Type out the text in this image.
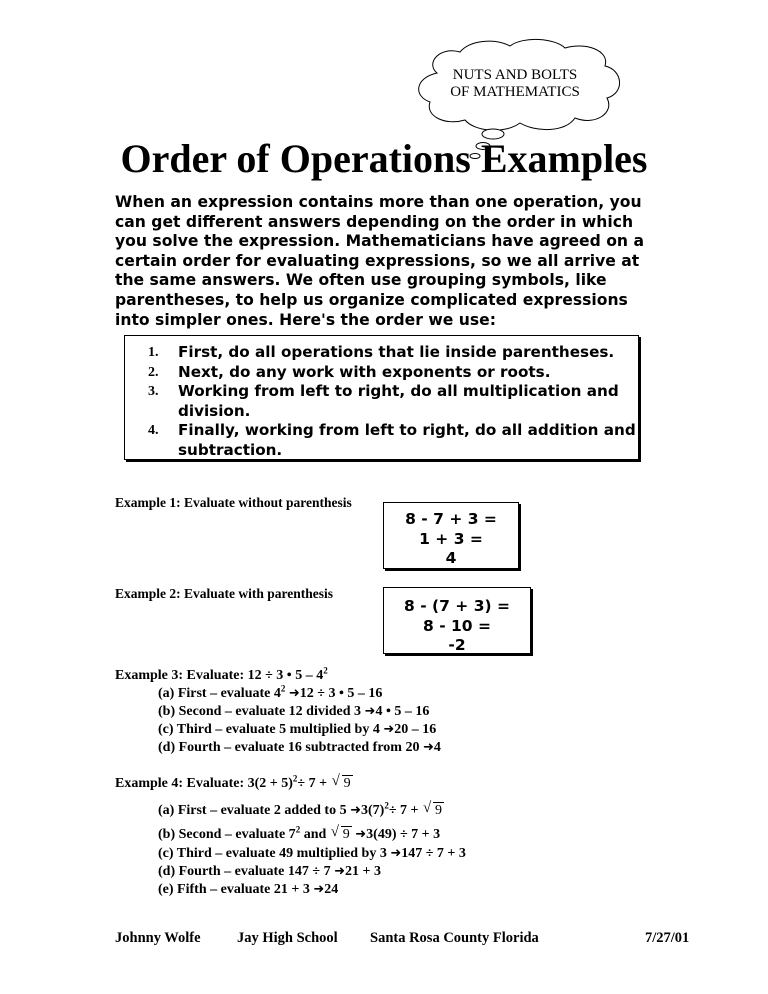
NUTS AND BOLTS
OF MATHEMATICS
Order of Operations Examples
When an expression contains more than one operation, you can get different answers depending on the order in which you solve the expression. Mathematicians have agreed on a certain order for evaluating expressions, so we all arrive at the same answers. We often use grouping symbols, like parentheses, to help us organize complicated expressions into simpler ones. Here's the order we use:
1.	First, do all operations that lie inside parentheses.
2.	Next, do any work with exponents or roots.
3.	Working from left to right, do all multiplication and division.
4.	Finally, working from left to right, do all addition and subtraction.
Example 1: Evaluate without parenthesis
8 - 7 + 3 =
1 + 3 =
4
Example 2: Evaluate with parenthesis
8 - (7 + 3) =
8 - 10 =
-2
Example 3: Evaluate: 12 ÷ 3 • $5 - 4^2$
(a) First – evaluate $4^2$ ➜12 ÷ 3 • 5 – 16
(b) Second – evaluate 12 divided 3 ➜4 • 5 – 16
(c) Third – evaluate 5 multiplied by 4 ➜20 – 16
(d) Fourth – evaluate 16 subtracted from 20 ➜4
Example 4: Evaluate: $3(2 + 5)^2\div 7$ + √ 9
(a) First – evaluate 2 added to 5 $➜3(7)^2\div 7$ + √ 9
(b) Second – evaluate $7^2$ and √ 9 ➜3(49) ÷ 7 + 3
(c) Third – evaluate 49 multiplied by 3 ➜147 ÷ 7 + 3
(d) Fourth – evaluate 147 ÷ 7 ➜21 + 3
(e) Fifth – evaluate 21 + 3 ➜24
Johnny Wolfe	Jay High School Santa Rosa County Florida	7/27/01
